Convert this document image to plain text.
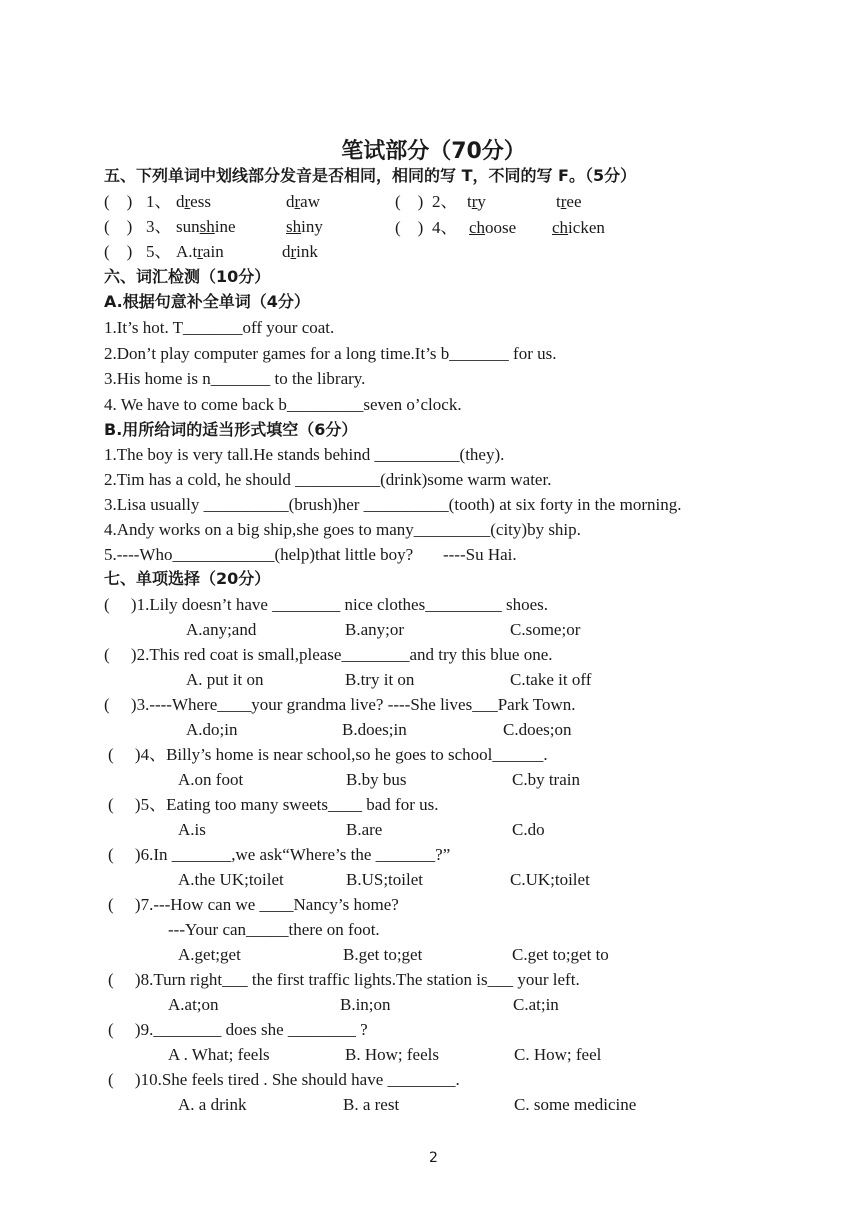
笔试部分（70分）
五、下列单词中划线部分发音是否相同，相同的写 T，不同的写 F。（5分）
(    ) 1、 dress	draw	(    ) 2、 try	tree
(    ) 3、 sunshine	shiny	(    ) 4、 choose chicken
(    ) 5、 A.train	drink
六、词汇检测（10分）
A.根据句意补全单词（4分）
1.It’s hot. T_______off your coat.
2.Don’t play computer games for a long time.It’s b_______ for us.
3.His home is n_______ to the library.
4. We have to come back b_________seven o’clock.
B.用所给词的适当形式填空（6分）
1.The boy is very tall.He stands behind __________(they).
2.Tim has a cold, he should __________(drink)some warm water.
3.Lisa usually __________(brush)her __________(tooth) at six forty in the morning.
4.Andy works on a big ship,she goes to many_________(city)by ship.
5.----Who____________(help)that little boy?       ----Su Hai.
七、单项选择（20分）
(     )1.Lily doesn’t have ________ nice clothes_________ shoes.
A.any;and	B.any;or	C.some;or
(     )2.This red coat is small,please________and try this blue one.
A. put it on	B.try it on	C.take it off
(     )3.----Where____your grandma live? ----She lives___Park Town.
A.do;in	B.does;in	C.does;on
(     )4、Billy’s home is near school,so he goes to school______.
A.on foot	B.by bus	C.by train
(     )5、Eating too many sweets____ bad for us.
A.is	B.are	C.do
(     )6.In _______,we ask“Where’s the _______?”
A.the UK;toilet	B.US;toilet	C.UK;toilet
(     )7.---How can we ____Nancy’s home?
---Your can_____there on foot.
A.get;get	B.get to;get	C.get to;get to
(     )8.Turn right___ the first traffic lights.The station is___ your left.
A.at;on	B.in;on	C.at;in
(     )9.________ does she ________ ?
A . What; feels	B. How; feels	C. How; feel
(     )10.She feels tired . She should have ________.
A. a drink	B. a rest	C. some medicine
2
